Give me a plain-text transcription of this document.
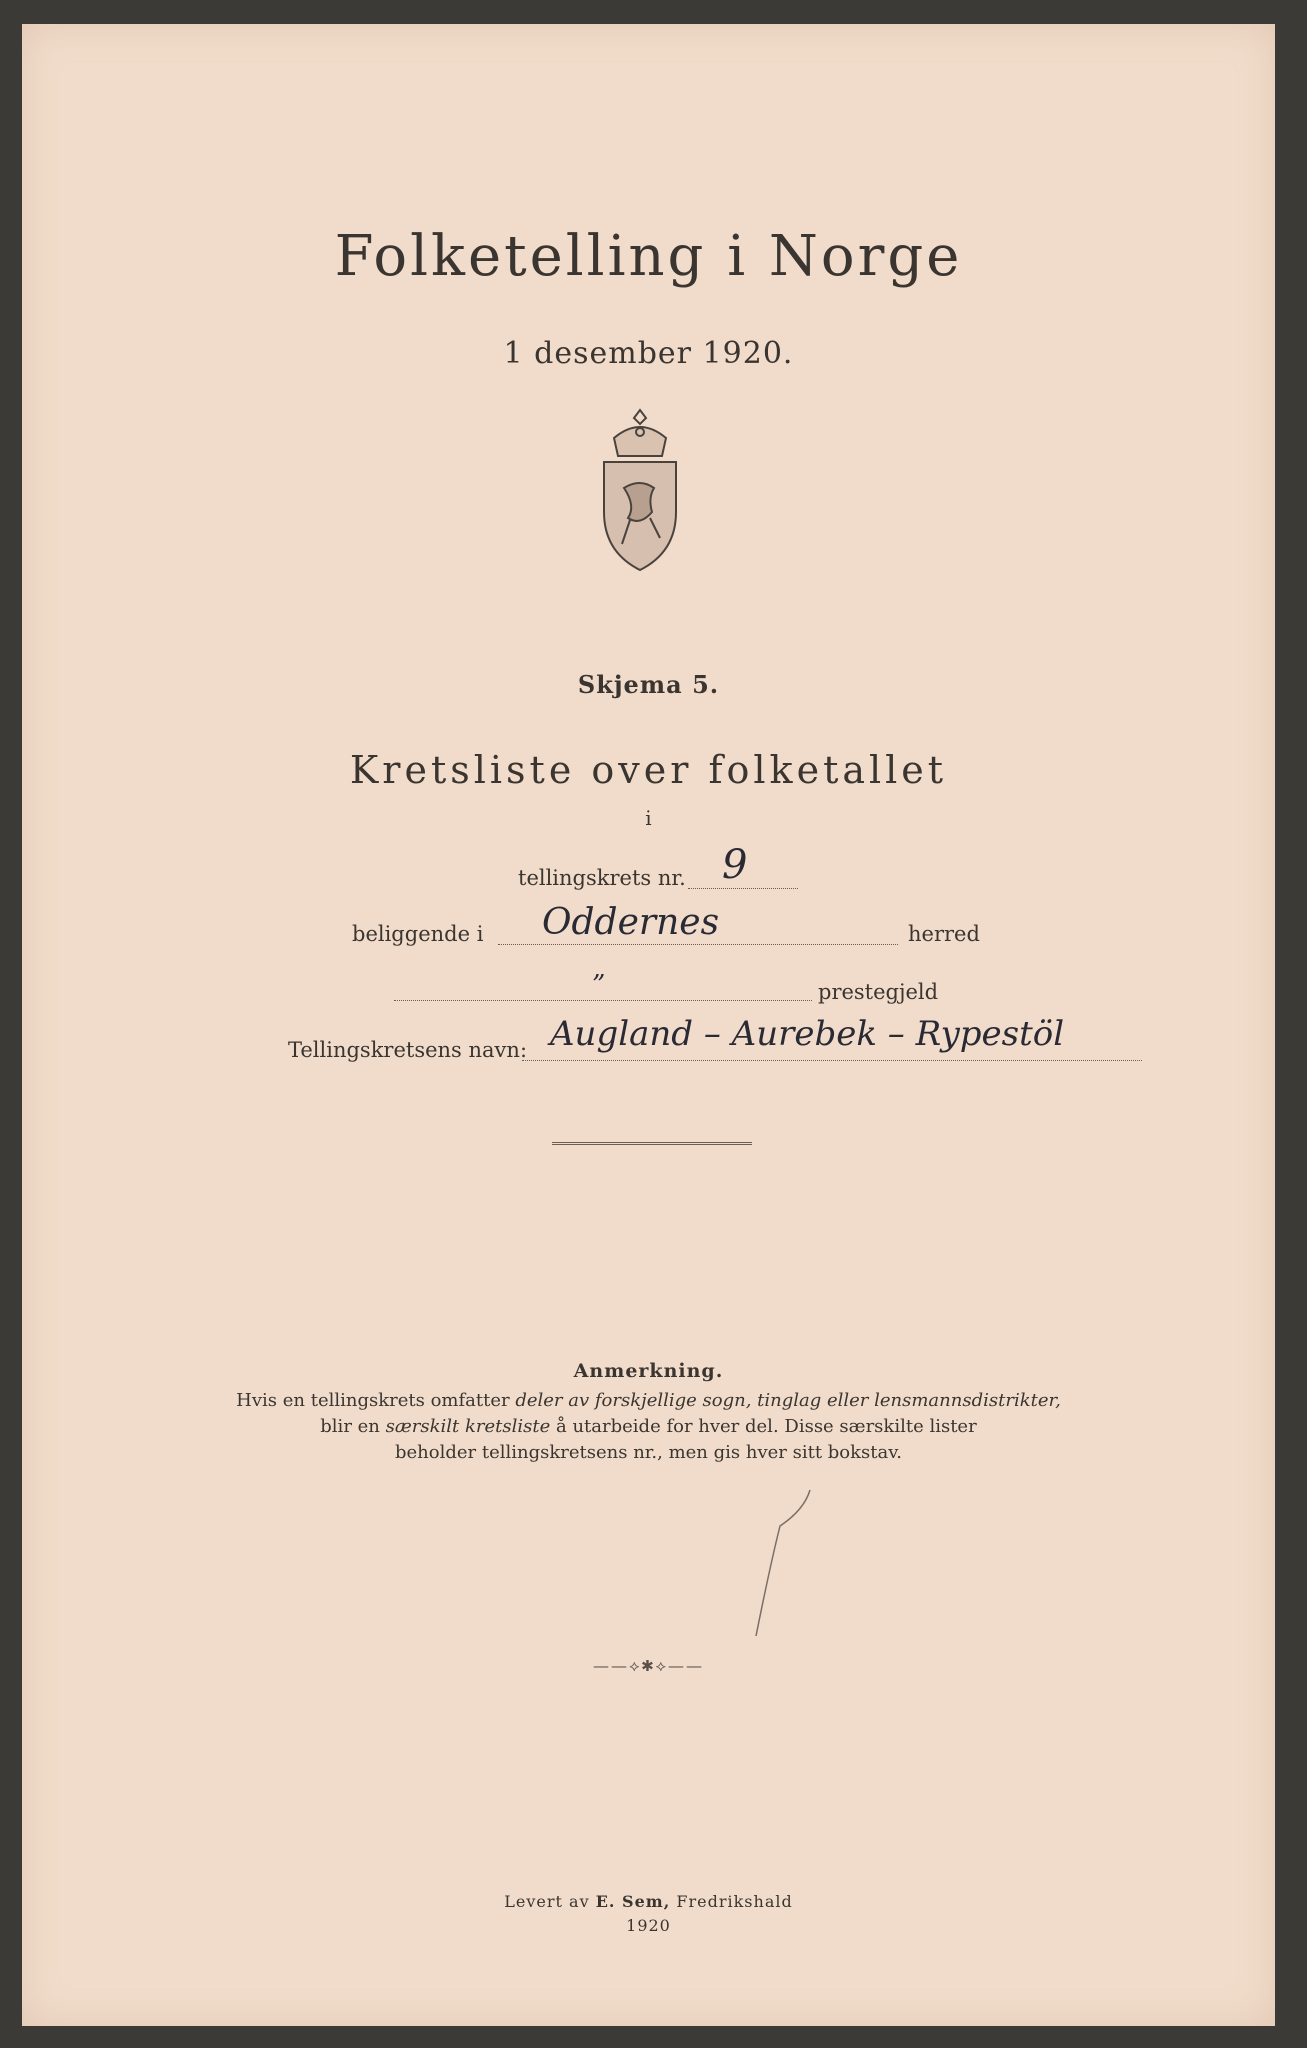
Folketelling i Norge
1 desember 1920.
Skjema 5.
Kretsliste over folketallet
i
tellingskrets nr. 9
beliggende i Oddernes	herred
”	prestegjeld
Tellingskretsens navn: Augland – Aurebek – Rypestöl
Anmerkning.
Hvis en tellingskrets omfatter deler av forskjellige sogn, tinglag eller lensmannsdistrikter,
blir en særskilt kretsliste å utarbeide for hver del. Disse særskilte lister
beholder tellingskretsens nr., men gis hver sitt bokstav.
——⟡✱⟡——
Levert av E. Sem, Fredrikshald
1920
